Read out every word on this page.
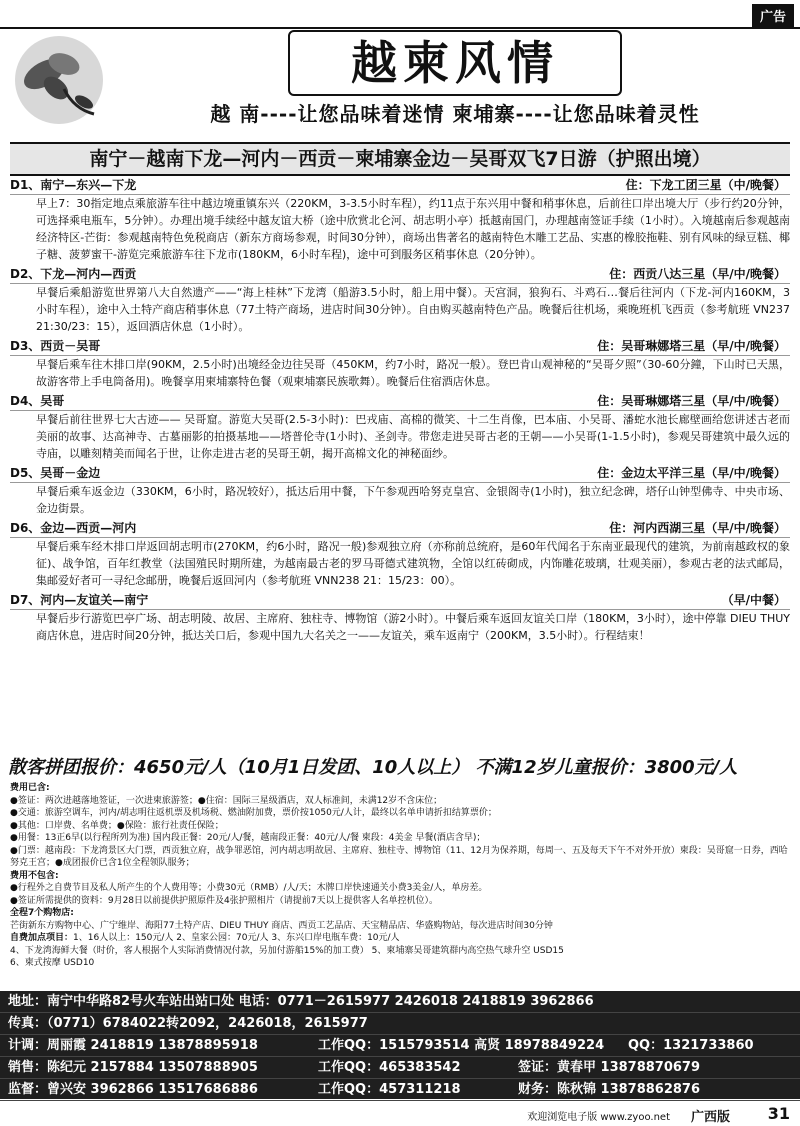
广告
越柬风情
越 南----让您品味着迷情 柬埔寨----让您品味着灵性
南宁－越南下龙—河内－西贡－柬埔寨金边－吴哥双飞7日游（护照出境）
D1、南宁—东兴—下龙	住：下龙工团三星（中/晚餐）
早上7：30指定地点乘旅游车往中越边境重镇东兴（220KM，3-3.5小时车程），约11点于东兴用中餐和稍事休息，后前往口岸出境大厅（步行约20分钟，可选择乘电瓶车，5分钟）。办理出境手续经中越友谊大桥（途中欣赏北仑河、胡志明小亭）抵越南国门，办理越南签证手续（1小时）。入境越南后参观越南经济特区-芒街：参观越南特色免税商店（新东方商场参观，时间30分钟），商场出售著名的越南特色木雕工艺品、实惠的橡胶拖鞋、别有风味的绿豆糕、椰子糖、菠萝蜜干-游览完乘旅游车往下龙市(180KM，6小时车程)，途中可到服务区稍事休息（20分钟）。
D2、下龙—河内—西贡	住：西贡八达三星（早/中/晚餐）
早餐后乘船游览世界第八大自然遗产——“海上桂林”下龙湾（船游3.5小时，船上用中餐）。天宫洞，狼狗石、斗鸡石…餐后往河内（下龙-河内160KM，3小时车程），途中入土特产商店稍事休息（77土特产商场，进店时间30分钟）。自由购买越南特色产品。晚餐后往机场，乘晚班机飞西贡（参考航班 VN237 21:30/23：15），返回酒店休息（1小时）。
D3、西贡－吴哥	住：吴哥琳娜塔三星（早/中/晚餐）
早餐后乘车往木排口岸(90KM，2.5小时)出境经金边往吴哥（450KM，约7小时，路况一般）。登巴肯山观神秘的“吴哥夕照”（30-60分鐘，下山时已天黑，故游客带上手电筒备用)。晚餐享用柬埔寨特色餐（观柬埔寨民族歌舞）。晚餐后住宿酒店休息。
D4、吴哥	住：吴哥琳娜塔三星（早/中/晚餐）
早餐后前往世界七大古迹—— 吴哥窟。游览大吴哥(2.5-3小时)：巴戎庙、高棉的微笑、十二生肖像，巴本庙、小吴哥、潘蛇水池长廊壁画给您讲述古老而美丽的故事、达高神寺、古墓丽影的拍摄基地——塔普伦寺(1小时)、圣剑寺。带您走进吴哥古老的王朝——小吴哥(1-1.5小时)，参观吴哥建筑中最久远的寺庙，以雕刻精美而闻名于世，让你走进古老的吴哥王朝，揭开高棉文化的神秘面纱。
D5、吴哥－金边	住：金边太平洋三星（早/中/晚餐）
早餐后乘车返金边（330KM，6小时，路况较好），抵达后用中餐，下午参观西哈努克皇宫、金银阁寺(1小时)，独立纪念碑，塔仔山钟型佛寺、中央市场、金边街景。
D6、金边—西贡—河内	住：河内西湖三星（早/中/晚餐）
早餐后乘车经木排口岸返回胡志明市(270KM，约6小时，路况一般)参观独立府（亦称前总统府，是60年代闻名于东南亚最现代的建筑，为前南越政权的象 征)、战争馆，百年红教堂（法国殖民时期所建，为越南最古老的罗马哥德式建筑物，全馆以红砖砌成，内饰雕花玻璃，壮观美丽），参观古老的法式邮局，集邮爱好者可一寻纪念邮册，晚餐后返回河内（参考航班 VNN238 21：15/23：00）。
D7、河内—友谊关—南宁	（早/中餐）
早餐后步行游览巴亭广场、胡志明陵、故居、主席府、独柱寺、博物馆（游2小时）。中餐后乘车返回友谊关口岸（180KM，3小时），途中停靠 DIEU THUY 商店休息，进店时间20分钟，抵达关口后，参观中国九大名关之一——友谊关，乘车返南宁（200KM，3.5小时）。行程结束！
散客拼团报价：4650元/人（10月1日发团、10人以上） 不满12岁儿童报价：3800元/人

费用已含:

●签证：两次进越落地签证，一次进柬旅游签；●住宿：国际三星级酒店，双人标准间，未满12岁不含床位；

●交通：旅游空调车，河内/胡志明往返机票及机场税、燃油附加费，票价按1050元/人计，最终以名单申请折扣结算票价；

●其他：口岸费、名单费；●保险：旅行社责任保险；

●用餐：13正6早(以行程所列为准) 国内段正餐：20元/人/餐，越南段正餐：40元/人/餐 柬段：4美金 早餐(酒店含早)；

●门票：越南段：下龙湾景区大门票，西贡独立府，战争罪恶馆，河内胡志明故居、主席府、独柱寺、博物馆（11、12月为保养期，每周一、五及每天下午不对外开放）柬段：吴哥窟一日券，西哈努克王宫；●成团报价已含1位全程领队服务；

费用不包含:

●行程外之自费节目及私人所产生的个人费用等；小费30元（RMB）/人/天；木牌口岸快速通关小费3美金/人，单房差。

●签证所需提供的资料：9月28日以前提供护照原件及4张护照相片（请提前7天以上提供客人名单控机位）。

全程7个购物店:

芒街新东方购物中心、广宁维岸、海阳77土特产店、DIEU THUY 商店、西贡工艺品店、天宝精品店、华盛购物站，每次进店时间30分钟

自费加点项目：1、16人以上：150元/人 2、皇家公园：70元/人 3、东兴口岸电瓶车费：10元/人

4、下龙湾海鲜大餐（时价，客人根据个人实际消费情况付款，另加付游船15%的加工费） 5、柬埔寨吴哥建筑群内高空热气球升空 USD15

6、柬式按摩 USD10

地址：南宁中华路82号火车站出站口处 电话：0771－2615977 2426018 2418819 3962866
传真：（0771）6784022转2092，2426018，2615977
计调：周丽霞 2418819 13878895918	工作QQ：1515793514 高贤 18978849224	QQ：1321733860
销售：陈纪元 2157884 13507888905	工作QQ：465383542	签证：黄春甲 13878870679
监督：曾兴安 3962866 13517686886	工作QQ：457311218	财务：陈秋锦 13878862876
欢迎浏览电子版 www.zyoo.net 广西版 31
